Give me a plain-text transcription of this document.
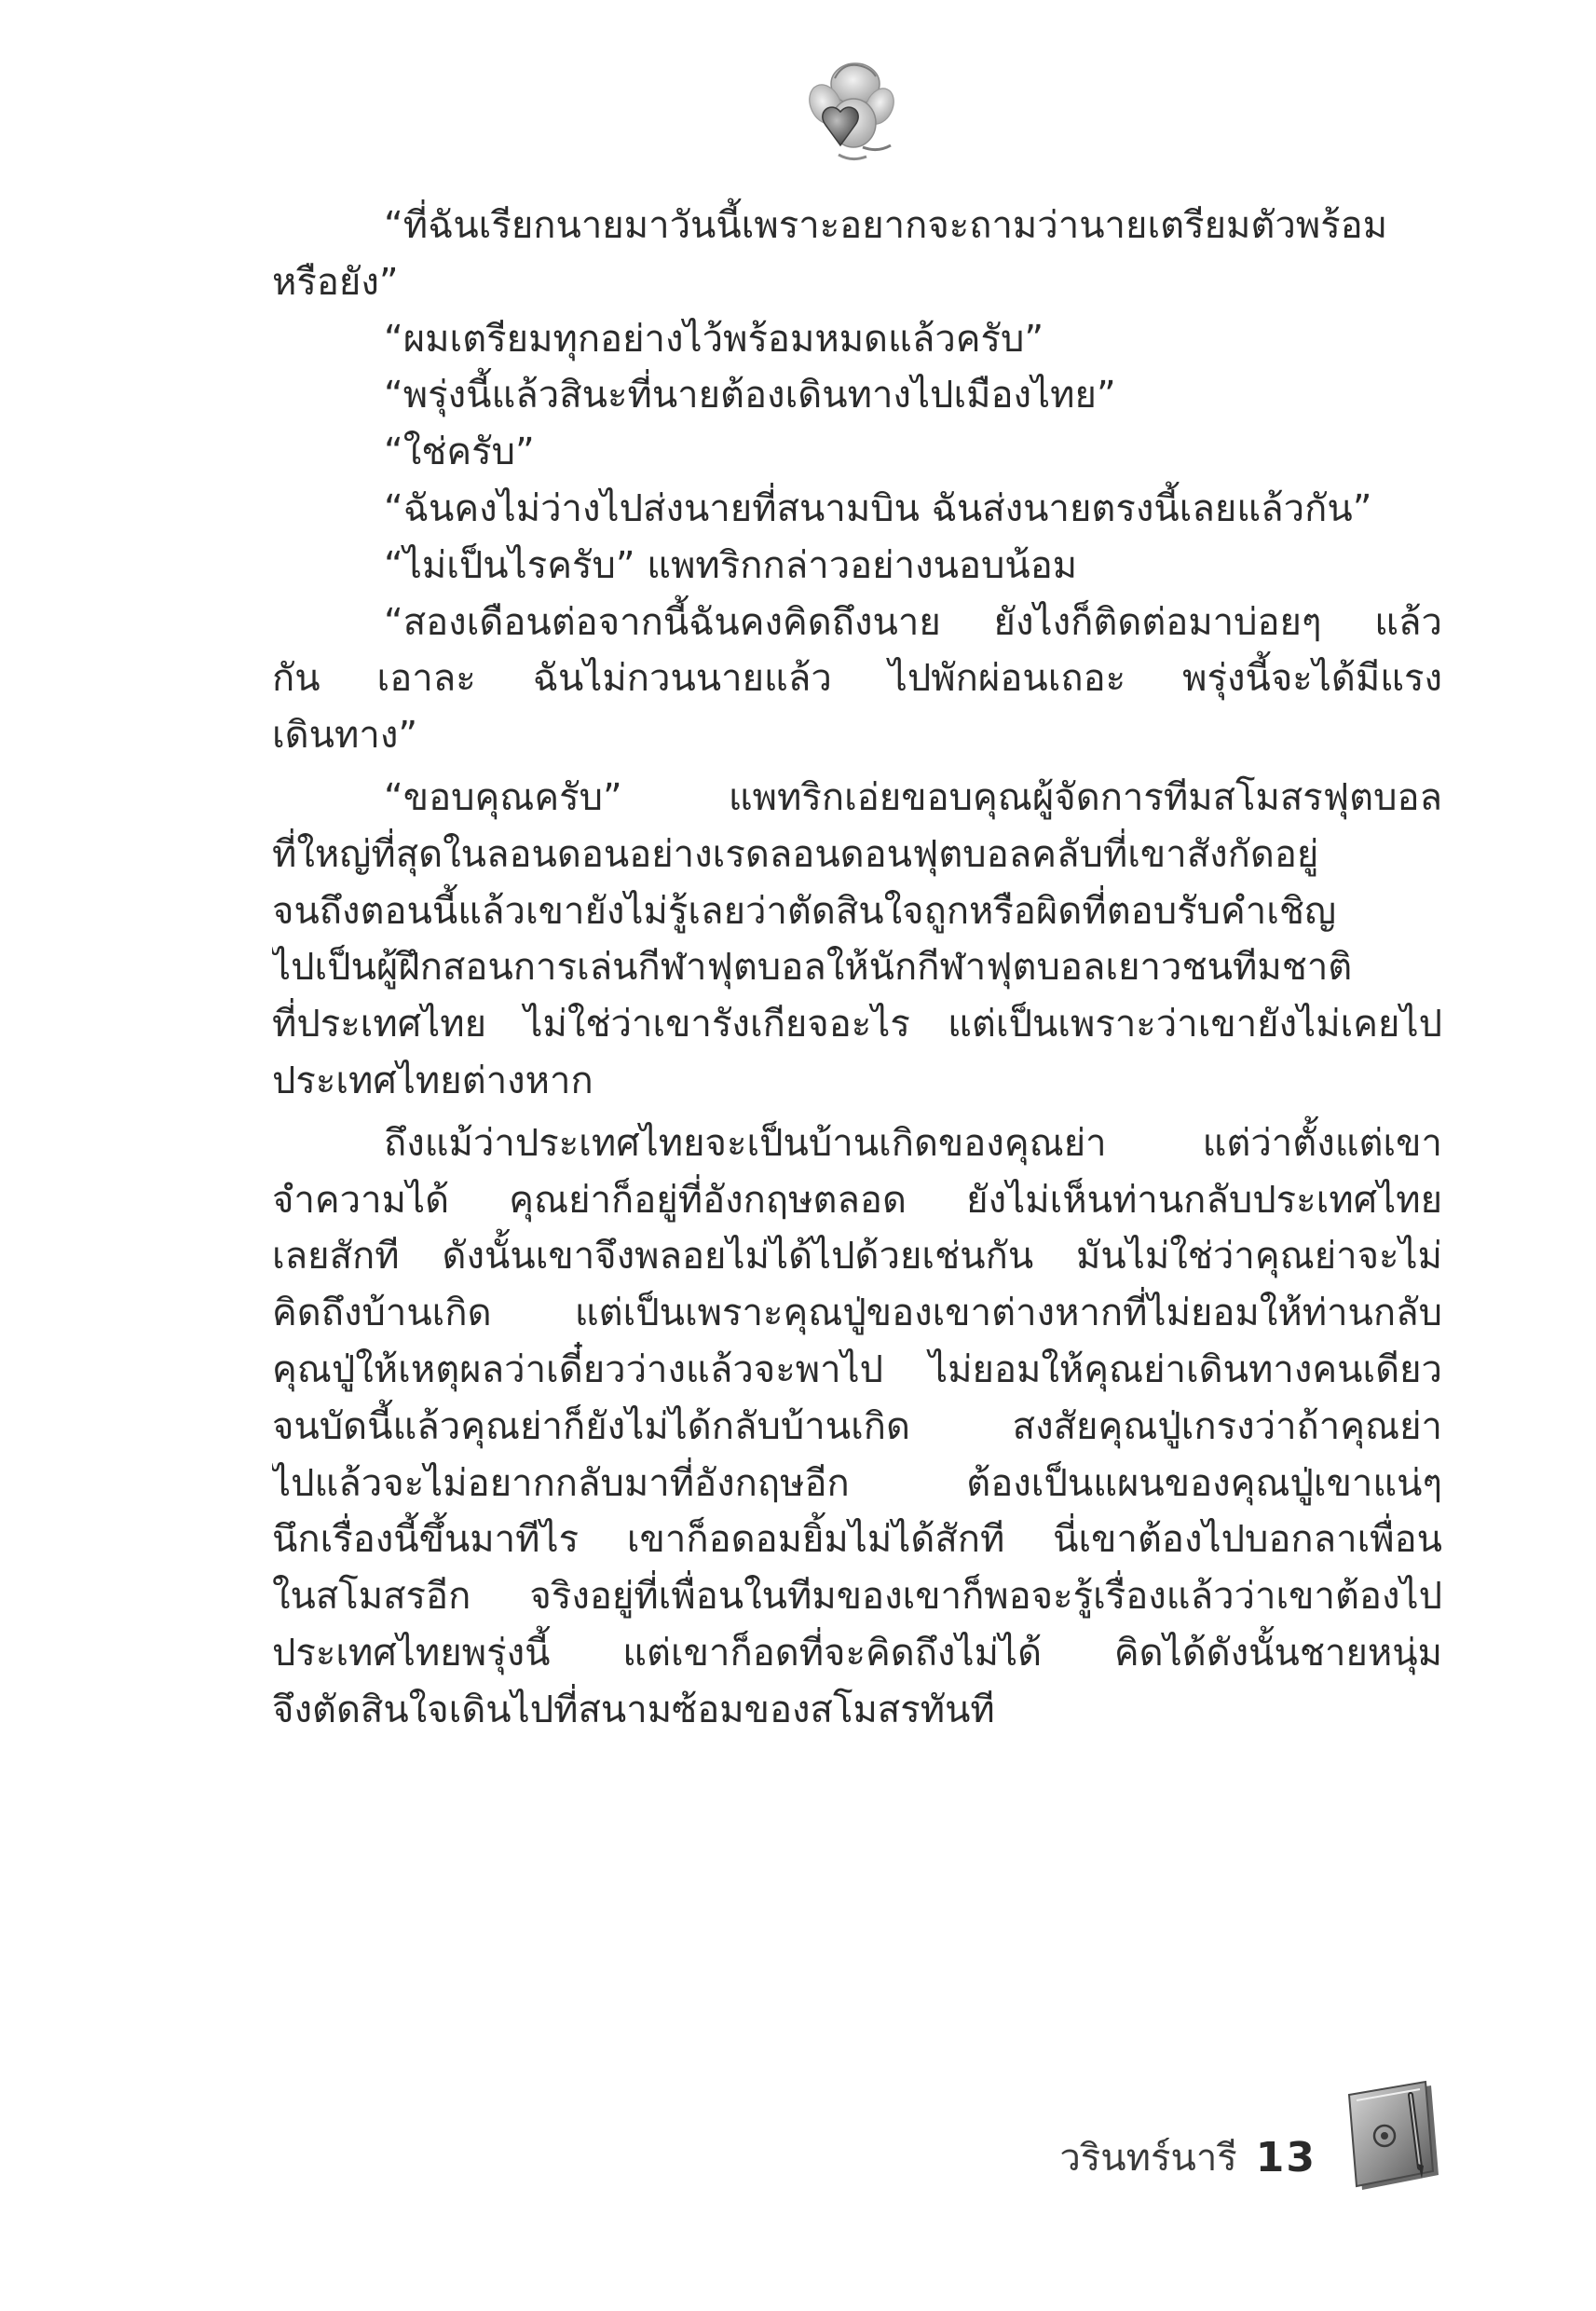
“ที่ฉันเรียกนายมาวันนี้เพราะอยากจะถามว่านายเตรียมตัวพร้อม
หรือยัง”
“ผมเตรียมทุกอย่างไว้พร้อมหมดแล้วครับ”
“พรุ่งนี้แล้วสินะที่นายต้องเดินทางไปเมืองไทย”
“ใช่ครับ”
“ฉันคงไม่ว่างไปส่งนายที่สนามบิน ฉันส่งนายตรงนี้เลยแล้วกัน”
“ไม่เป็นไรครับ” แพทริกกล่าวอย่างนอบน้อม
“สองเดือนต่อจากนี้ฉันคงคิดถึงนาย ยังไงก็ติดต่อมาบ่อยๆ แล้ว
กัน เอาละ ฉันไม่กวนนายแล้ว ไปพักผ่อนเถอะ พรุ่งนี้จะได้มีแรง
เดินทาง”
“ขอบคุณครับ” แพทริกเอ่ยขอบคุณผู้จัดการทีมสโมสรฟุตบอล
ที่ใหญ่ที่สุดในลอนดอนอย่างเรดลอนดอนฟุตบอลคลับที่เขาสังกัดอยู่
จนถึงตอนนี้แล้วเขายังไม่รู้เลยว่าตัดสินใจถูกหรือผิดที่ตอบรับคำเชิญ
ไปเป็นผู้ฝึกสอนการเล่นกีฬาฟุตบอลให้นักกีฬาฟุตบอลเยาวชนทีมชาติ
ที่ประเทศไทย ไม่ใช่ว่าเขารังเกียจอะไร แต่เป็นเพราะว่าเขายังไม่เคยไป
ประเทศไทยต่างหาก
ถึงแม้ว่าประเทศไทยจะเป็นบ้านเกิดของคุณย่า แต่ว่าตั้งแต่เขา
จำความได้ คุณย่าก็อยู่ที่อังกฤษตลอด ยังไม่เห็นท่านกลับประเทศไทย
เลยสักที ดังนั้นเขาจึงพลอยไม่ได้ไปด้วยเช่นกัน มันไม่ใช่ว่าคุณย่าจะไม่
คิดถึงบ้านเกิด แต่เป็นเพราะคุณปู่ของเขาต่างหากที่ไม่ยอมให้ท่านกลับ
คุณปู่ให้เหตุผลว่าเดี๋ยวว่างแล้วจะพาไป ไม่ยอมให้คุณย่าเดินทางคนเดียว
จนบัดนี้แล้วคุณย่าก็ยังไม่ได้กลับบ้านเกิด สงสัยคุณปู่เกรงว่าถ้าคุณย่า
ไปแล้วจะไม่อยากกลับมาที่อังกฤษอีก ต้องเป็นแผนของคุณปู่เขาแน่ๆ
นึกเรื่องนี้ขึ้นมาทีไร เขาก็อดอมยิ้มไม่ได้สักที นี่เขาต้องไปบอกลาเพื่อน
ในสโมสรอีก จริงอยู่ที่เพื่อนในทีมของเขาก็พอจะรู้เรื่องแล้วว่าเขาต้องไป
ประเทศไทยพรุ่งนี้ แต่เขาก็อดที่จะคิดถึงไม่ได้ คิดได้ดังนั้นชายหนุ่ม
จึงตัดสินใจเดินไปที่สนามซ้อมของสโมสรทันที
วรินทร์นารี 13
